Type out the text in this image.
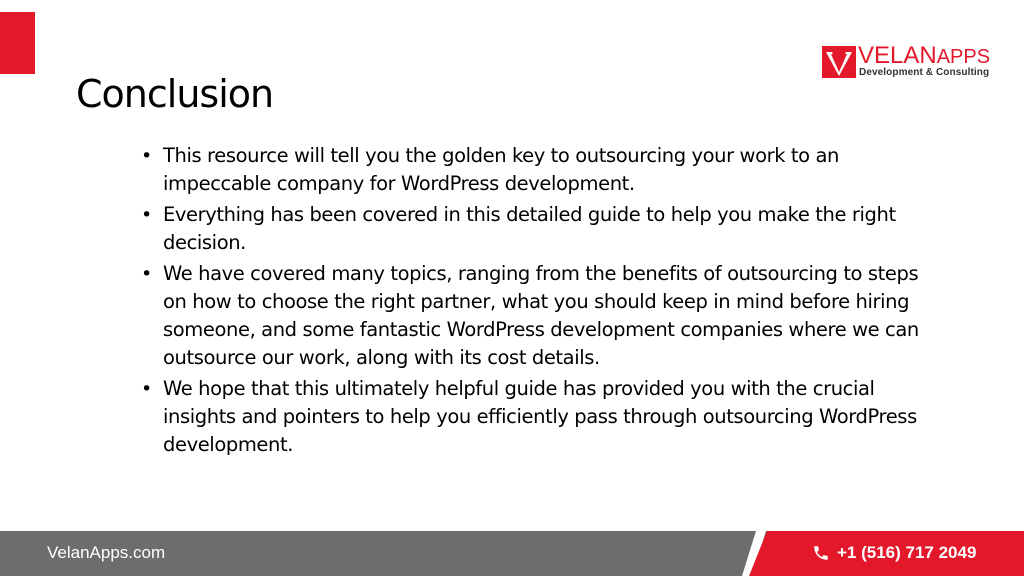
Conclusion
VELANAPPS
Development & Consulting
• This resource will tell you the golden key to outsourcing your work to an impeccable company for WordPress development.
• Everything has been covered in this detailed guide to help you make the right decision.
• We have covered many topics, ranging from the benefits of outsourcing to steps on how to choose the right partner, what you should keep in mind before hiring someone, and some fantastic WordPress development companies where we can outsource our work, along with its cost details.
• We hope that this ultimately helpful guide has provided you with the crucial insights and pointers to help you efficiently pass through outsourcing WordPress development.
VelanApps.com	+1 (516) 717 2049
